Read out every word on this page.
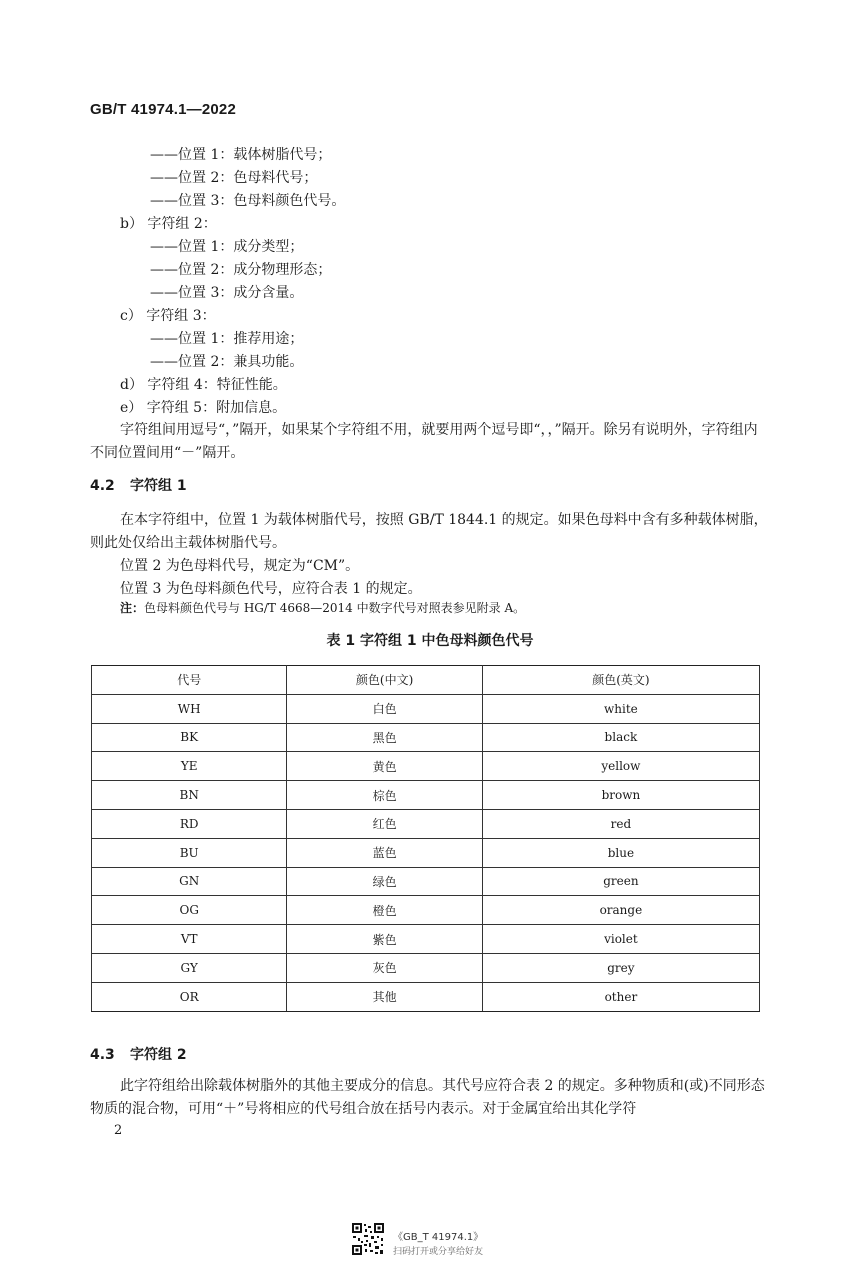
GB/T 41974.1—2022
——位置 1：载体树脂代号；
——位置 2：色母料代号；
——位置 3：色母料颜色代号。
b） 字符组 2：
——位置 1：成分类型；
——位置 2：成分物理形态；
——位置 3：成分含量。
c） 字符组 3：
——位置 1：推荐用途；
——位置 2：兼具功能。
d） 字符组 4：特征性能。
e） 字符组 5：附加信息。
字符组间用逗号“，”隔开，如果某个字符组不用，就要用两个逗号即“，，”隔开。除另有说明外，字符组内不同位置间用“－”隔开。
4.2 字符组 1
在本字符组中，位置 1 为载体树脂代号，按照 GB/T 1844.1 的规定。如果色母料中含有多种载体树脂，则此处仅给出主载体树脂代号。
位置 2 为色母料代号，规定为“CM”。
位置 3 为色母料颜色代号，应符合表 1 的规定。
注：色母料颜色代号与 HG/T 4668—2014 中数字代号对照表参见附录 A。
表 1 字符组 1 中色母料颜色代号
代号	颜色(中文)	颜色(英文)
WH	白色	white
BK	黑色	black
YE	黄色	yellow
BN	棕色	brown
RD	红色	red
BU	蓝色	blue
GN	绿色	green
OG	橙色	orange
VT	紫色	violet
GY	灰色	grey
OR	其他	other
4.3 字符组 2
此字符组给出除载体树脂外的其他主要成分的信息。其代号应符合表 2 的规定。多种物质和(或)不同形态物质的混合物，可用“＋”号将相应的代号组合放在括号内表示。对于金属宜给出其化学符
2
《GB_T 41974.1》
扫码打开或分享给好友
